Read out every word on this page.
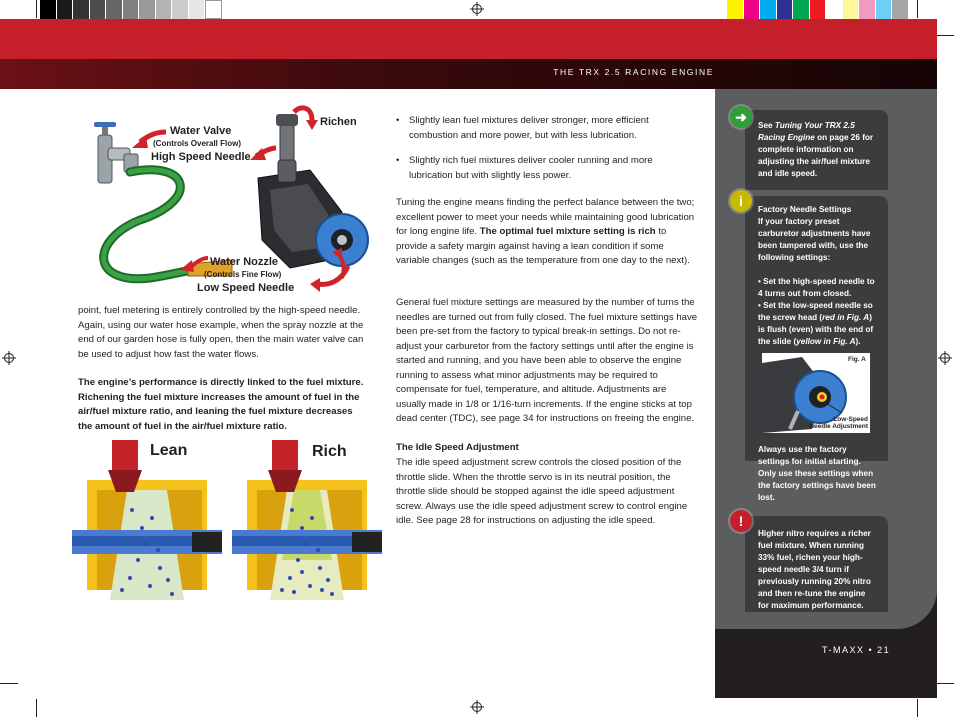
THE TRX 2.5 RACING ENGINE
Richen
Water Valve
(Controls Overall Flow)
High Speed Needle
Water Nozzle
(Controls Fine Flow)
Low Speed Needle
point, fuel metering is entirely controlled by the high-speed needle. Again, using our water hose example, when the spray nozzle at the end of our garden hose is fully open, then the main water valve can be used to adjust how fast the water flows.
The engine’s performance is directly linked to the fuel mixture. Richening the fuel mixture increases the amount of fuel in the air/fuel mixture ratio, and leaning the fuel mixture decreases the amount of fuel in the air/fuel mixture ratio.
Lean	Rich
• Slightly lean fuel mixtures deliver stronger, more efficient combustion and more power, but with less lubrication.
• Slightly rich fuel mixtures deliver cooler running and more lubrication but with slightly less power.
Tuning the engine means finding the perfect balance between the two; excellent power to meet your needs while maintaining good lubrication for long engine life. The optimal fuel mixture setting is rich to provide a safety margin against having a lean condition if some variable changes (such as the temperature from one day to the next).
General fuel mixture settings are measured by the number of turns the needles are turned out from fully closed. The fuel mixture settings have been pre-set from the factory to typical break-in settings. Do not re-adjust your carburetor from the factory settings until after the engine is started and running, and you have been able to observe the engine running to assess what minor adjustments may be required to compensate for fuel, temperature, and altitude. Adjustments are usually made in 1/8 or 1/16-turn increments. If the engine sticks at top dead center (TDC), see page 34 for instructions on freeing the engine.
The Idle Speed Adjustment
The idle speed adjustment screw controls the closed position of the throttle slide. When the throttle servo is in its neutral position, the throttle slide should be stopped against the idle speed adjustment screw. Always use the idle speed adjustment screw to control engine idle. See page 28 for instructions on adjusting the idle speed.
➜
See Tuning Your TRX 2.5 Racing Engine on page 26 for complete information on adjusting the air/fuel mixture and idle speed.
i
Factory Needle Settings
If your factory preset carburetor adjustments have been tampered with, use the following settings:
• Set the high-speed needle to 4 turns out from closed.
• Set the low-speed needle so the screw head (red in Fig. A) is flush (even) with the end of the slide (yellow in Fig. A).
Fig. A
Low-Speed
Needle Adjustment
Always use the factory settings for initial starting. Only use these settings when the factory settings have been lost.
!
Higher nitro requires a richer fuel mixture. When running 33% fuel, richen your high-speed needle 3/4 turn if previously running 20% nitro and then re-tune the engine for maximum performance.
T-MAXX • 21
